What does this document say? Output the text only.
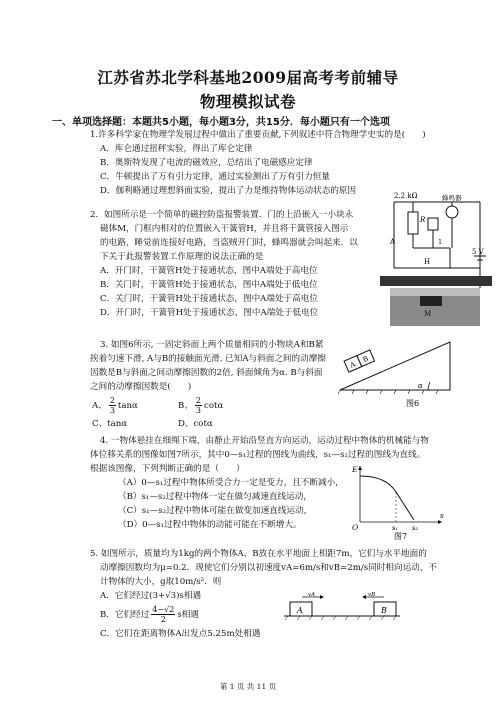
江苏省苏北学科基地2009届高考考前辅导
物理模拟试卷
一、单项选择题：本题共5小题，每小题3分，共15分．每小题只有一个选项
1.许多科学家在物理学发展过程中做出了重要贡献,下列叙述中符合物理学史实的是(　　)
A．库仑通过扭秤实验，得出了库仑定律
B．奥斯特发现了电流的磁效应，总结出了电磁感应定律
C．牛顿提出了万有引力定律，通过实验测出了万有引力恒量
D．伽利略通过理想斜面实验，提出了力是维持物体运动状态的原因
2．如图所示是一个简单的磁控防盗报警装置．门的上沿嵌入一小块永
磁体M，门框内相对的位置嵌入干簧管H，并且将干簧管接入图示
的电路，睡觉前连接好电路，当盗贼开门时，蜂鸣器就会叫起来．以
下关于此报警装置工作原理的说法正确的是
A．开门时，干簧管H处于接通状态，图中A端处于高电位
B．关门时，干簧管H处于接通状态，图中A端处于低电位
C．关门时，干簧管H处于接通状态，图中A端处于高电位
D．开门时，干簧管H处于接通状态，图中A端处于低电位
2.2 kΩ
R
A
蜂鸣器
1
5 V
H
M
3. 如图6所示, 一固定斜面上两个质量相同的小物块A和B紧
挨着匀速下滑, A与B的接触面光滑. 已知A与斜面之间的动摩擦
因数是B与斜面之间动摩擦因数的2倍, 斜面倾角为α. B与斜面
之间的动摩擦因数是(　　)
A、 $\frac{2}{3}$ tanα	B、 $\frac{2}{3}$ cotα
C、tanα	D、cotα
A
B
α
图6
4. 一物体悬挂在细绳下端，由静止开始沿竖直方向运动，运动过程中物体的机械能与物
体位移关系的图像如图7所示，其中0—s₁过程的图线为曲线，s₁—s₂过程的图线为直线。
根据该图像，下列判断正确的是（　　）
（A）0—s₁过程中物体所受合力一定是变力，且不断减小，
（B）s₁—s₂过程中物体一定在做匀减速直线运动，
（C）s₁—s₂过程中物体可能在做变加速直线运动，
（D）0—s₁过程中物体的动能可能在不断增大。
E
O
s
s₁ s₂
图7
5. 如图所示，质量均为1kg的两个物体A、B放在水平地面上相距7m，它们与水平地面的
动摩擦因数均为μ=0.2．现使它们分别以初速度vA=6m/s和vB=2m/s同时相向运动，不
计物体的大小，g取10m/s²．则
A．它们经过(3+√3)s相遇
B．它们经过 $\frac{4-√2}{2}$ s相遇
C．它们在距离物体A出发点5.25m处相遇
A	B
vA	vB
第 1 页 共 11 页
